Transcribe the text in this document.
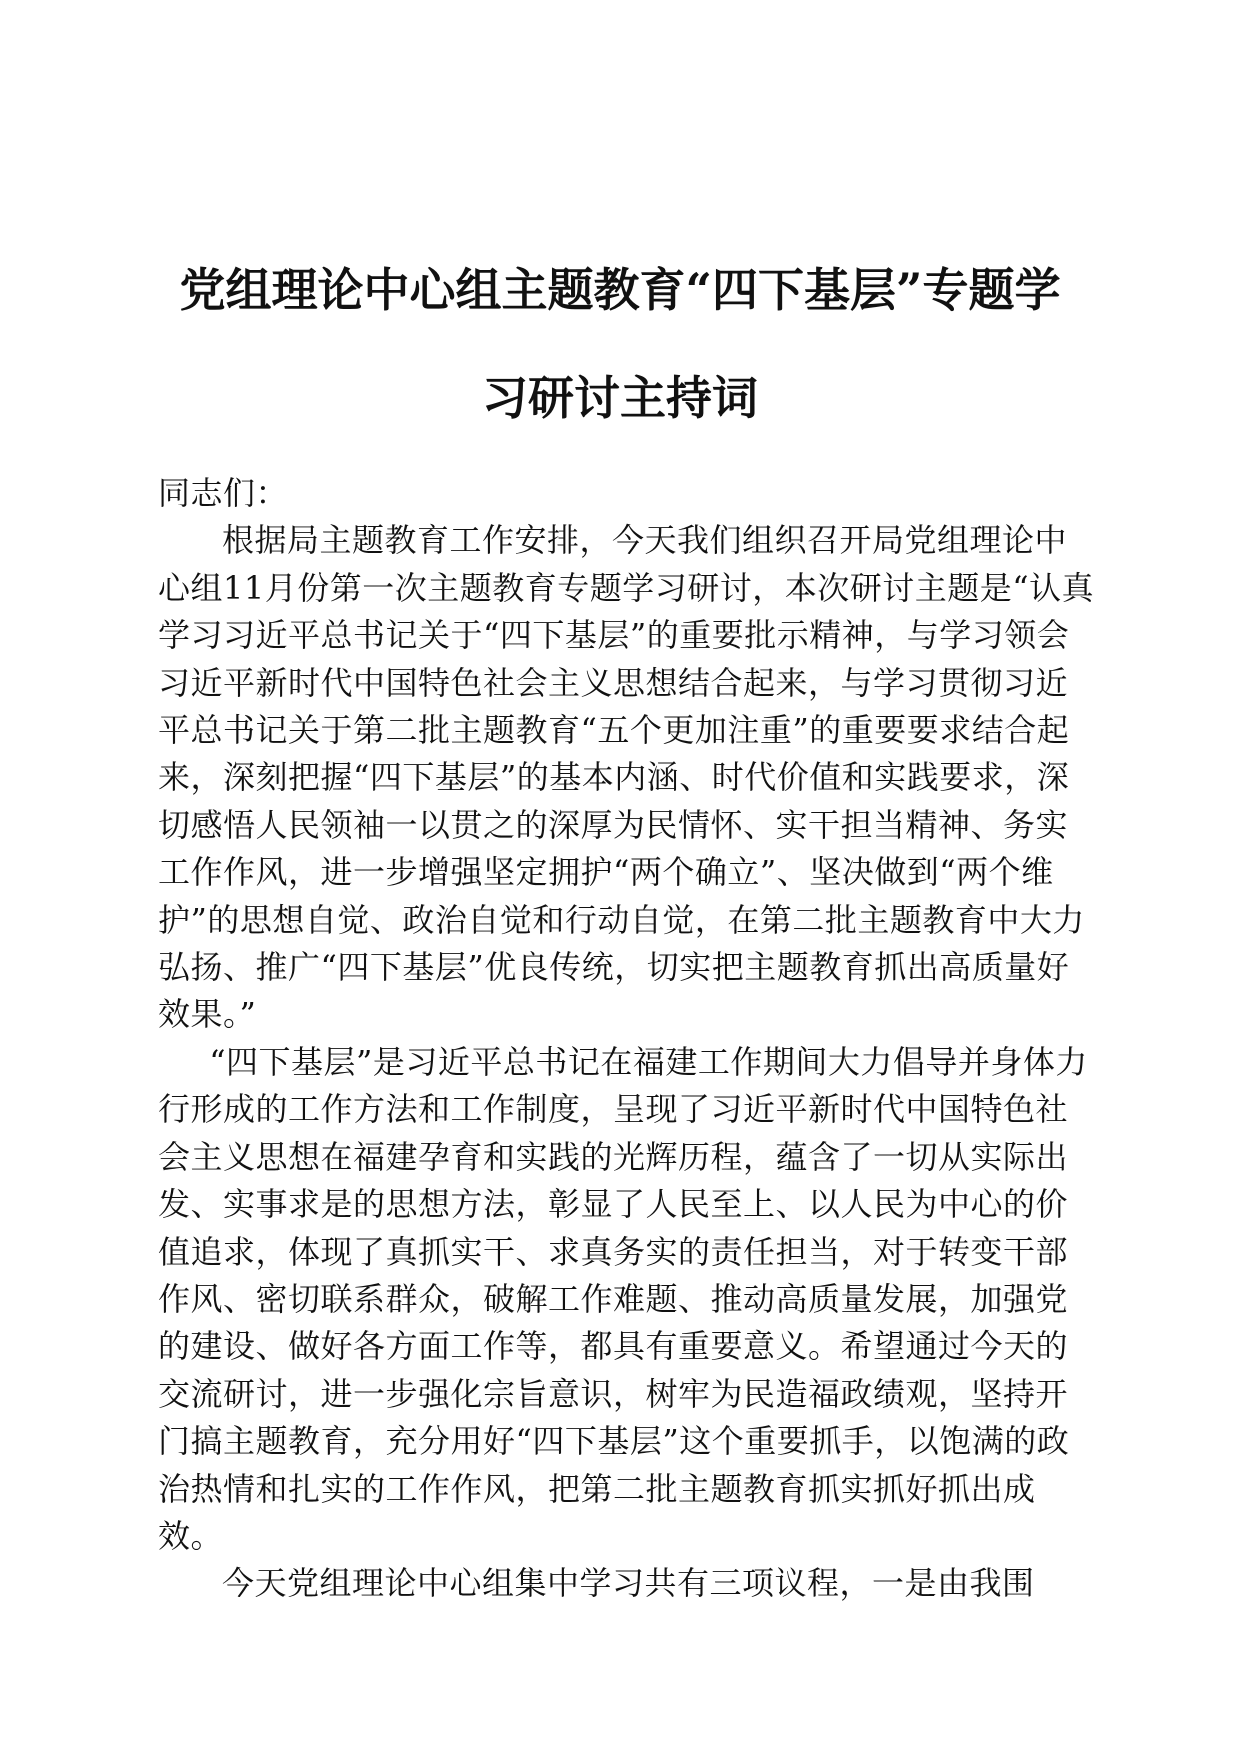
党组理论中心组主题教育“四下基层”专题学
习研讨主持词

同志们：

根据局主题教育工作安排，今天我们组织召开局党组理论中心组11月份第一次主题教育专题学习研讨，本次研讨主题是“认真学习习近平总书记关于“四下基层”的重要批示精神，与学习领会习近平新时代中国特色社会主义思想结合起来，与学习贯彻习近平总书记关于第二批主题教育“五个更加注重”的重要要求结合起来，深刻把握“四下基层”的基本内涵、时代价值和实践要求，深切感悟人民领袖一以贯之的深厚为民情怀、实干担当精神、务实工作作风，进一步增强坚定拥护“两个确立”、坚决做到“两个维护”的思想自觉、政治自觉和行动自觉，在第二批主题教育中大力弘扬、推广“四下基层”优良传统，切实把主题教育抓出高质量好效果。”

“四下基层”是习近平总书记在福建工作期间大力倡导并身体力行形成的工作方法和工作制度，呈现了习近平新时代中国特色社会主义思想在福建孕育和实践的光辉历程，蕴含了一切从实际出发、实事求是的思想方法，彰显了人民至上、以人民为中心的价值追求，体现了真抓实干、求真务实的责任担当，对于转变干部作风、密切联系群众，破解工作难题、推动高质量发展，加强党的建设、做好各方面工作等，都具有重要意义。希望通过今天的交流研讨，进一步强化宗旨意识，树牢为民造福政绩观，坚持开门搞主题教育，充分用好“四下基层”这个重要抓手，以饱满的政治热情和扎实的工作作风，把第二批主题教育抓实抓好抓出成效。

今天党组理论中心组集中学习共有三项议程，一是由我围
